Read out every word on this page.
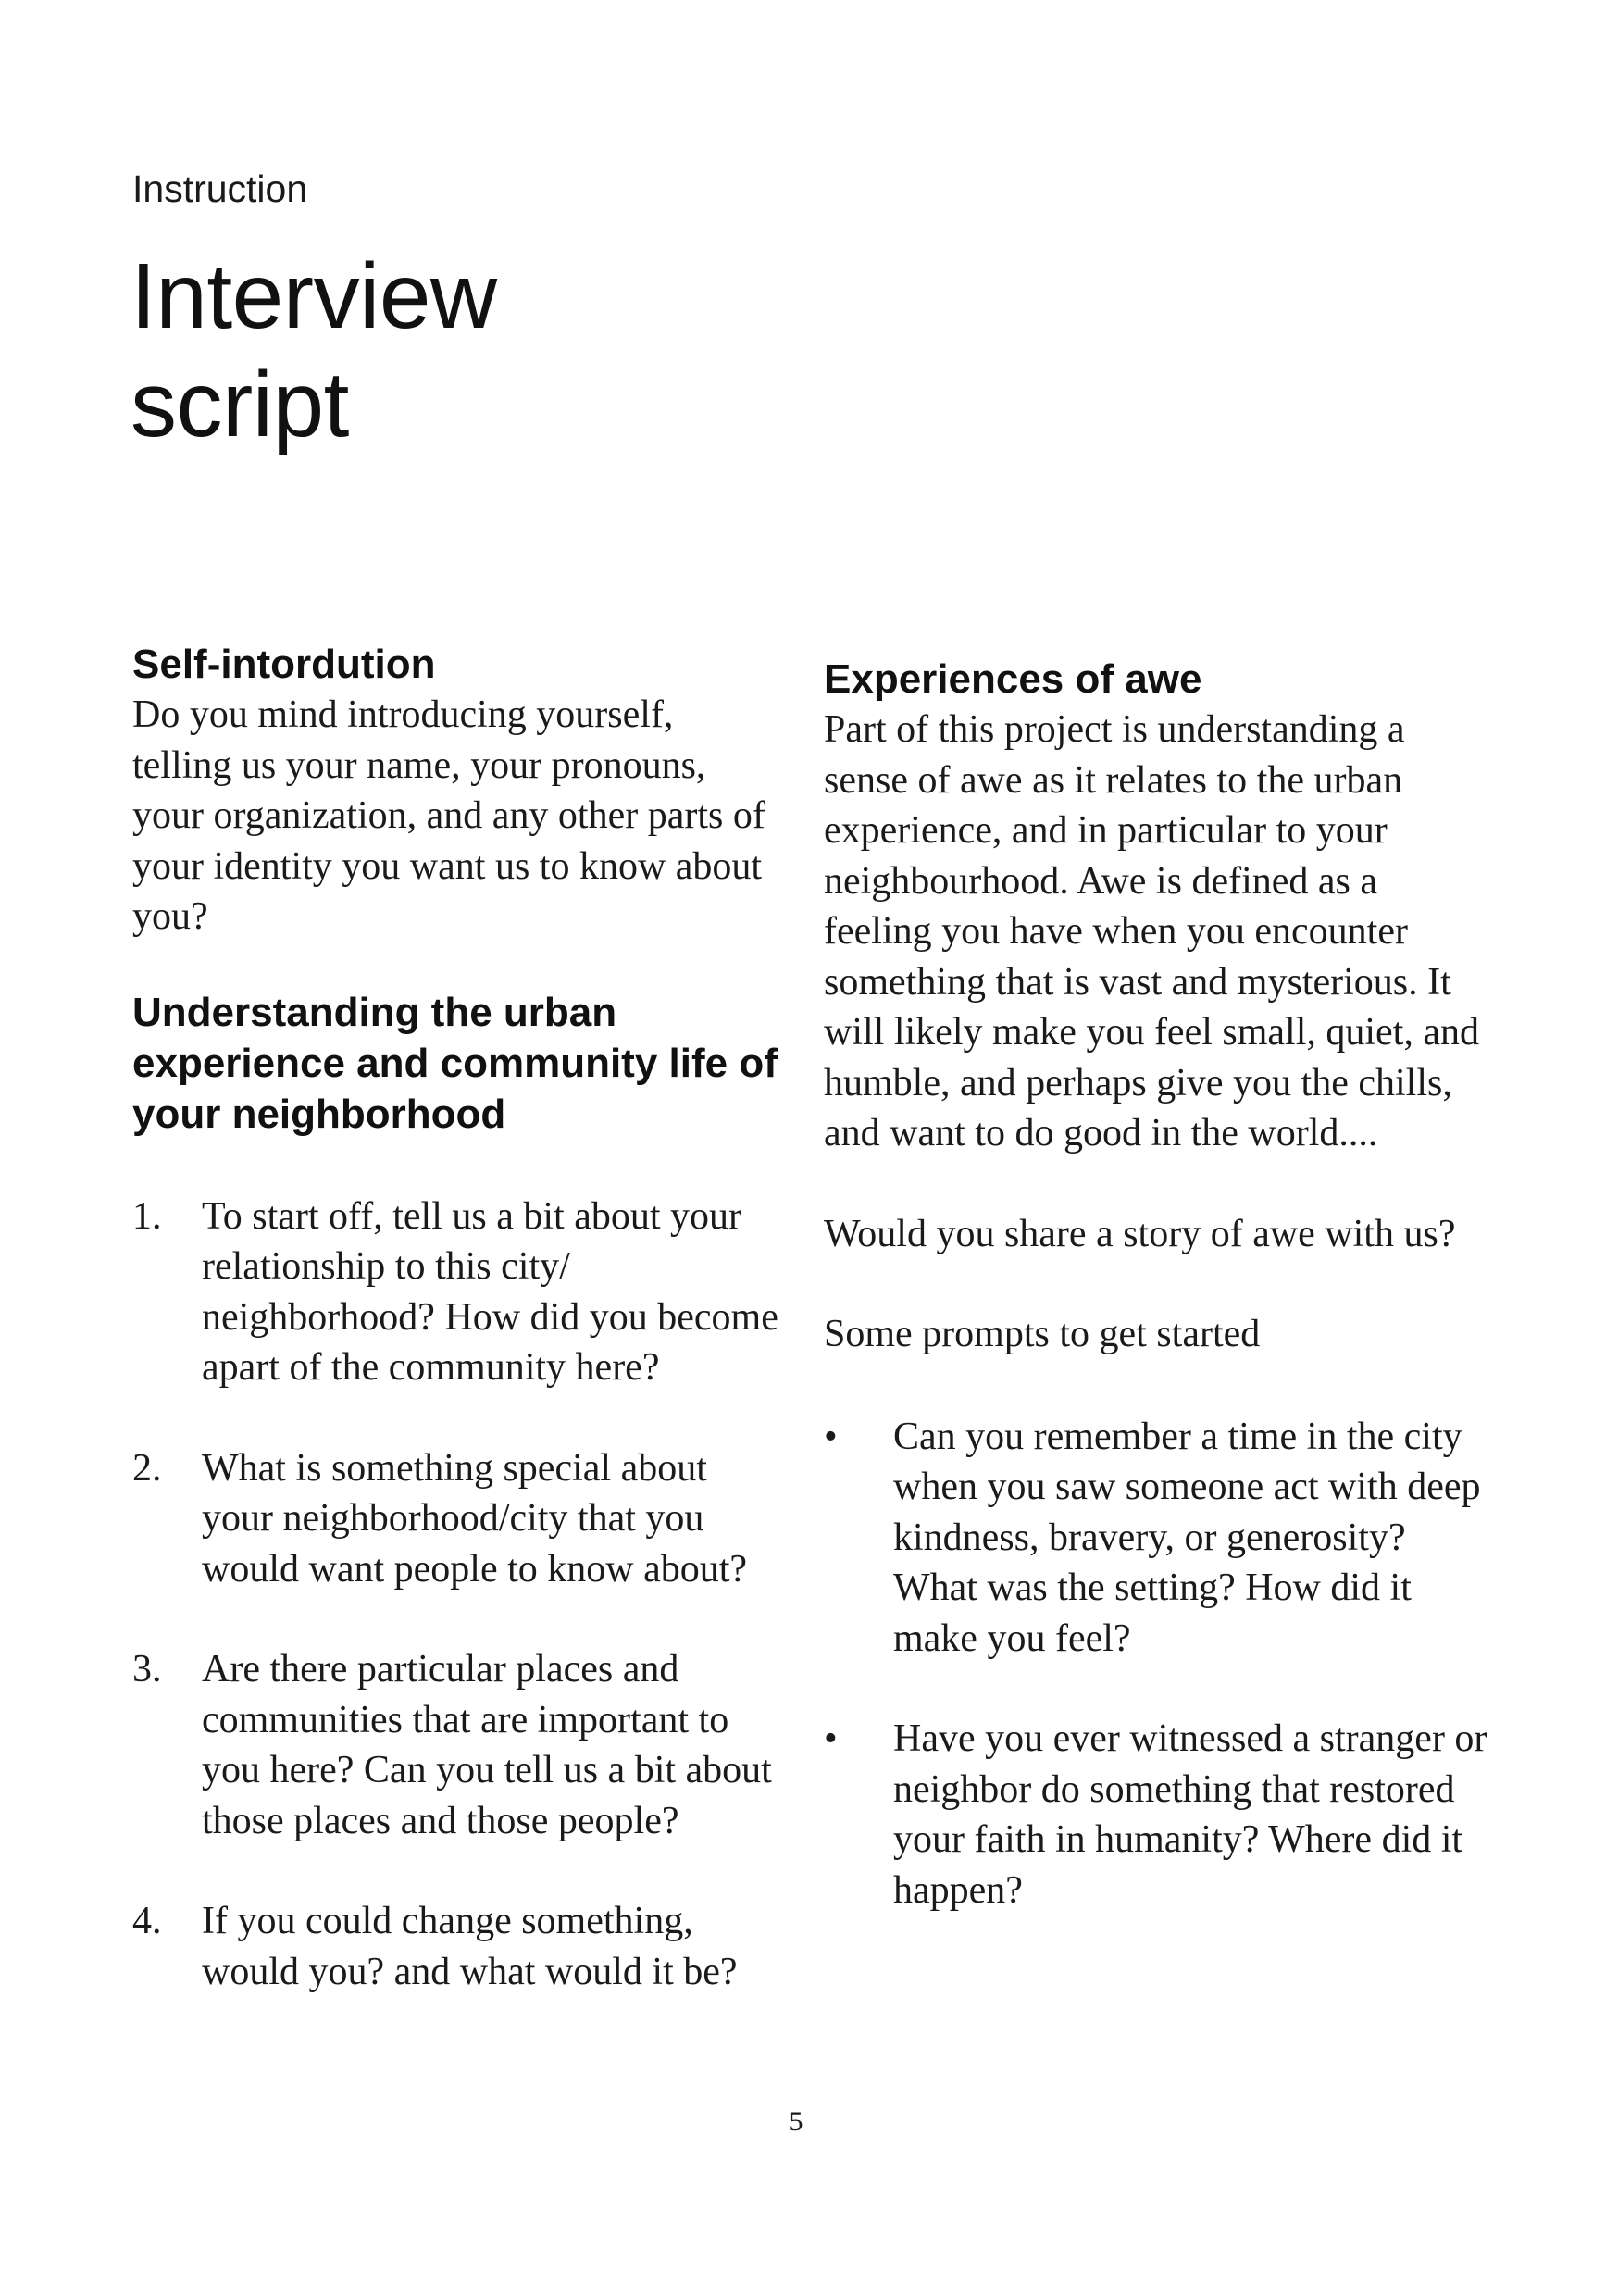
Instruction
Interview
script
Self-intordution

Do you mind introducing yourself, telling us your name, your pronouns, your organization, and any other parts of your identity you want us to know about you?

Understanding the urban experience and community life of your neighborhood
1.	To start off, tell us a bit about your relationship to this city/ neighborhood? How did you become apart of the community here?
2.	What is something special about your neighborhood/city that you would want people to know about?
3.	Are there particular places and communities that are important to you here? Can you tell us a bit about those places and those people?
4.	If you could change something, would you? and what would it be?
Experiences of awe

Part of this project is understanding a sense of awe as it relates to the urban experience, and in particular to your neighbourhood. Awe is defined as a feeling you have when you encounter something that is vast and mysterious. It will likely make you feel small, quiet, and humble, and perhaps give you the chills, and want to do good in the world....

Would you share a story of awe with us?

Some prompts to get started

•	Can you remember a time in the city when you saw someone act with deep kindness, bravery, or generosity? What was the setting? How did it make you feel?
•	Have you ever witnessed a stranger or neighbor do something that restored your faith in humanity? Where did it happen?
5
